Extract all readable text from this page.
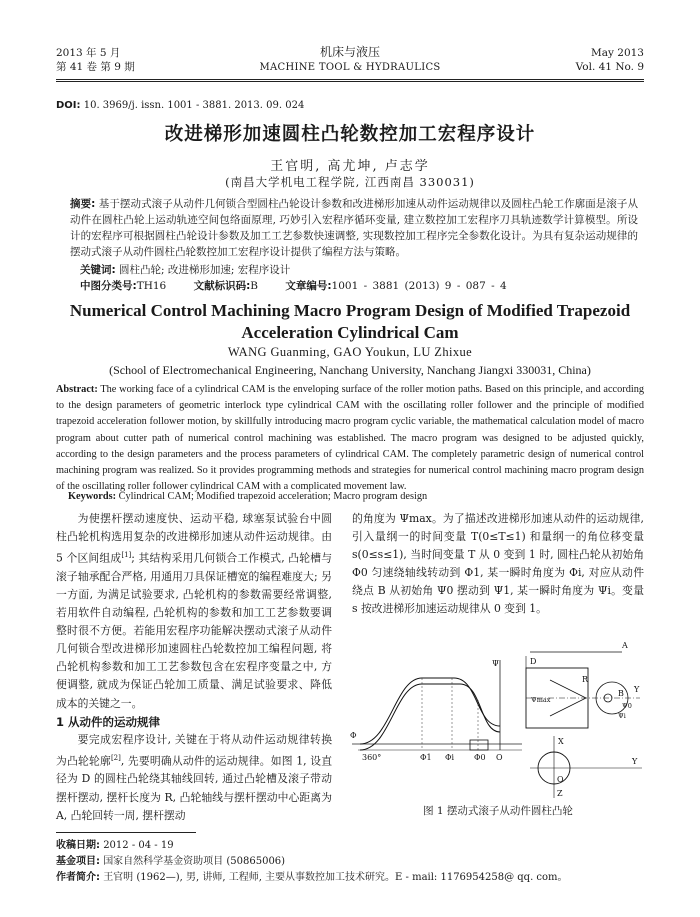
2013 年 5 月
第 41 卷 第 9 期
机床与液压
MACHINE TOOL & HYDRAULICS
May 2013
Vol. 41 No. 9
DOI: 10. 3969/j. issn. 1001 - 3881. 2013. 09. 024
改进梯形加速圆柱凸轮数控加工宏程序设计
王官明, 高尤坤, 卢志学
(南昌大学机电工程学院, 江西南昌 330031)
摘要: 基于摆动式滚子从动件几何锁合型圆柱凸轮设计参数和改进梯形加速从动件运动规律以及圆柱凸轮工作廓面是滚子从动件在圆柱凸轮上运动轨迹空间包络面原理, 巧妙引入宏程序循环变量, 建立数控加工宏程序刀具轨迹数学计算模型。所设计的宏程序可根据圆柱凸轮设计参数及加工工艺参数快速调整, 实现数控加工程序完全参数化设计。为具有复杂运动规律的摆动式滚子从动件圆柱凸轮数控加工宏程序设计提供了编程方法与策略。
关键词: 圆柱凸轮; 改进梯形加速; 宏程序设计
中图分类号:TH16	文献标识码:B	文章编号:1001 - 3881 (2013) 9 - 087 - 4
Numerical Control Machining Macro Program Design of Modified Trapezoid
Acceleration Cylindrical Cam
WANG Guanming, GAO Youkun, LU Zhixue
(School of Electromechanical Engineering, Nanchang University, Nanchang Jiangxi 330031, China)
Abstract: The working face of a cylindrical CAM is the enveloping surface of the roller motion paths. Based on this principle, and according to the design parameters of geometric interlock type cylindrical CAM with the oscillating roller follower and the principle of modified trapezoid acceleration follower motion, by skillfully introducing macro program cyclic variable, the mathematical calculation model of macro program about cutter path of numerical control machining was established. The macro program was designed to be adjusted quickly, according to the design parameters and the process parameters of cylindrical CAM. The completely parametric design of numerical control machining program was realized. So it provides programming methods and strategies for numerical control machining macro program design of the oscillating roller follower cylindrical CAM with a complicated movement law.
Keywords: Cylindrical CAM; Modified trapezoid acceleration; Macro program design

为使摆杆摆动速度快、运动平稳, 球塞泵试验台中圆柱凸轮机构选用复杂的改进梯形加速从动件运动规律。由 5 个区间组成[1]; 其结构采用几何锁合工作模式, 凸轮槽与滚子轴承配合严格, 用通用刀具保证槽宽的编程难度大; 另一方面, 为满足试验要求, 凸轮机构的参数需要经常调整, 若用软件自动编程, 凸轮机构的参数和加工工艺参数要调整时很不方便。若能用宏程序功能解决摆动式滚子从动件几何锁合型改进梯形加速圆柱凸轮数控加工编程问题, 将凸轮机构参数和加工工艺参数包含在宏程序变量之中, 方便调整, 就成为保证凸轮加工质量、满足试验要求、降低成本的关键之一。

1 从动件的运动规律

要完成宏程序设计, 关键在于将从动件运动规律转换为凸轮轮廓[2], 先要明确从动件的运动规律。如图 1, 设直径为 D 的圆柱凸轮绕其轴线回转, 通过凸轮槽及滚子带动摆杆摆动, 摆杆长度为 R, 凸轮轴线与摆杆摆动中心距离为 A, 凸轮回转一周, 摆杆摆动

的角度为 Ψmax。为了描述改进梯形加速从动件的运动规律, 引入量纲一的时间变量 T(0≤T≤1) 和量纲一的角位移变量 s(0≤s≤1), 当时间变量 T 从 0 变到 1 时, 圆柱凸轮从初始角 Φ0 匀速绕轴线转动到 Φ1, 某一瞬时角度为 Φi, 对应从动件绕点 B 从初始角 Ψ0 摆动到 Ψ1, 某一瞬时角度为 Ψi。变量 s 按改进梯形加速运动规律从 0 变到 1。

Φ
360°	Φ1 Φi Φ0 O
Ψ
A
D
R
Ψmax
B Y
Ψ0
Ψi
X
Y
O
Z
图 1 摆动式滚子从动件圆柱凸轮
收稿日期: 2012 - 04 - 19
基金项目: 国家自然科学基金资助项目 (50865006)
作者简介: 王官明 (1962—), 男, 讲师, 工程师, 主要从事数控加工技术研究。E - mail: 1176954258@ qq. com。
